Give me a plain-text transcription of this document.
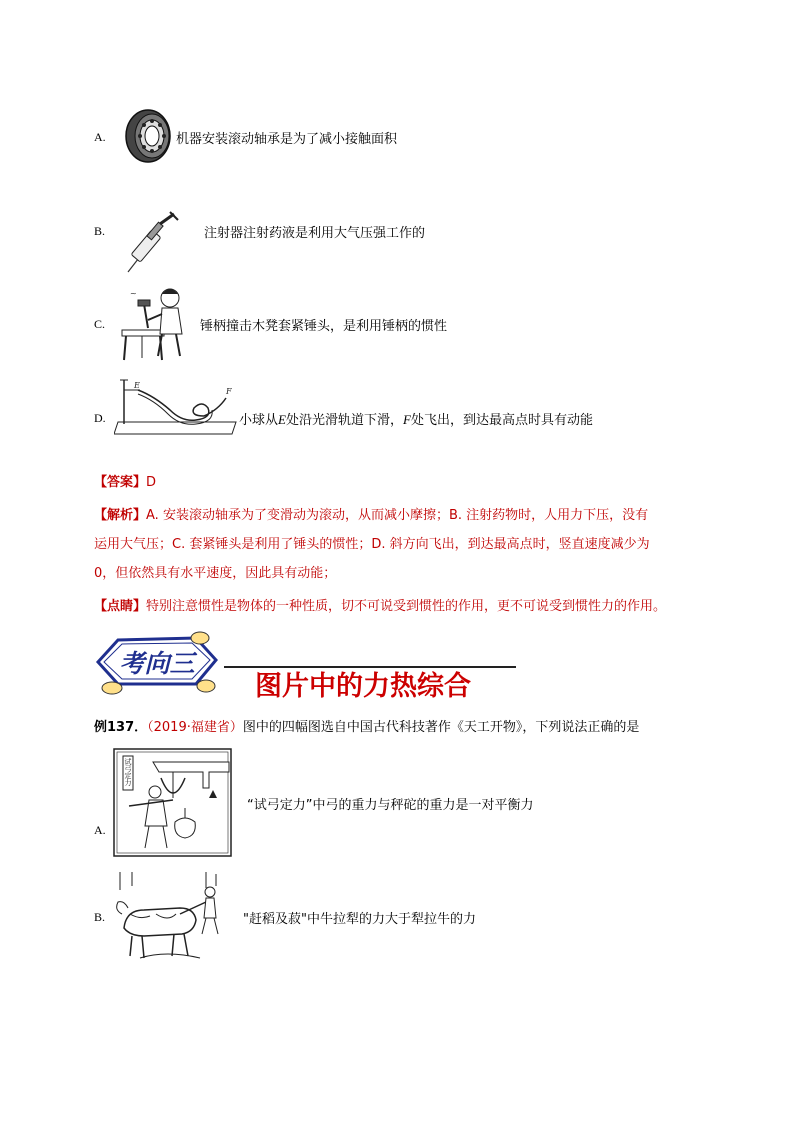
A.	机器安装滚动轴承是为了减小接触面积
B.	注射器注射药液是利用大气压强工作的
C.
~
锤柄撞击木凳套紧锤头，是利用锤柄的惯性
D.
E
F
小球从E处沿光滑轨道下滑，F处飞出，到达最高点时具有动能
【答案】D
【解析】A. 安装滚动轴承为了变滑动为滚动，从而减小摩擦；B. 注射药物时，人用力下压，没有
运用大气压；C. 套紧锤头是利用了锤头的惯性；D. 斜方向飞出，到达最高点时，竖直速度减少为
0，但依然具有水平速度，因此具有动能；
【点睛】特别注意惯性是物体的一种性质，切不可说受到惯性的作用，更不可说受到惯性力的作用。
考向三
图片中的力热综合
例137．（2019·福建省）图中的四幅图选自中国古代科技著作《天工开物》，下列说法正确的是
A.
试弓定力
“试弓定力”中弓的重力与秤砣的重力是一对平衡力
B.	"赶稻及菽"中牛拉犁的力大于犁拉牛的力
